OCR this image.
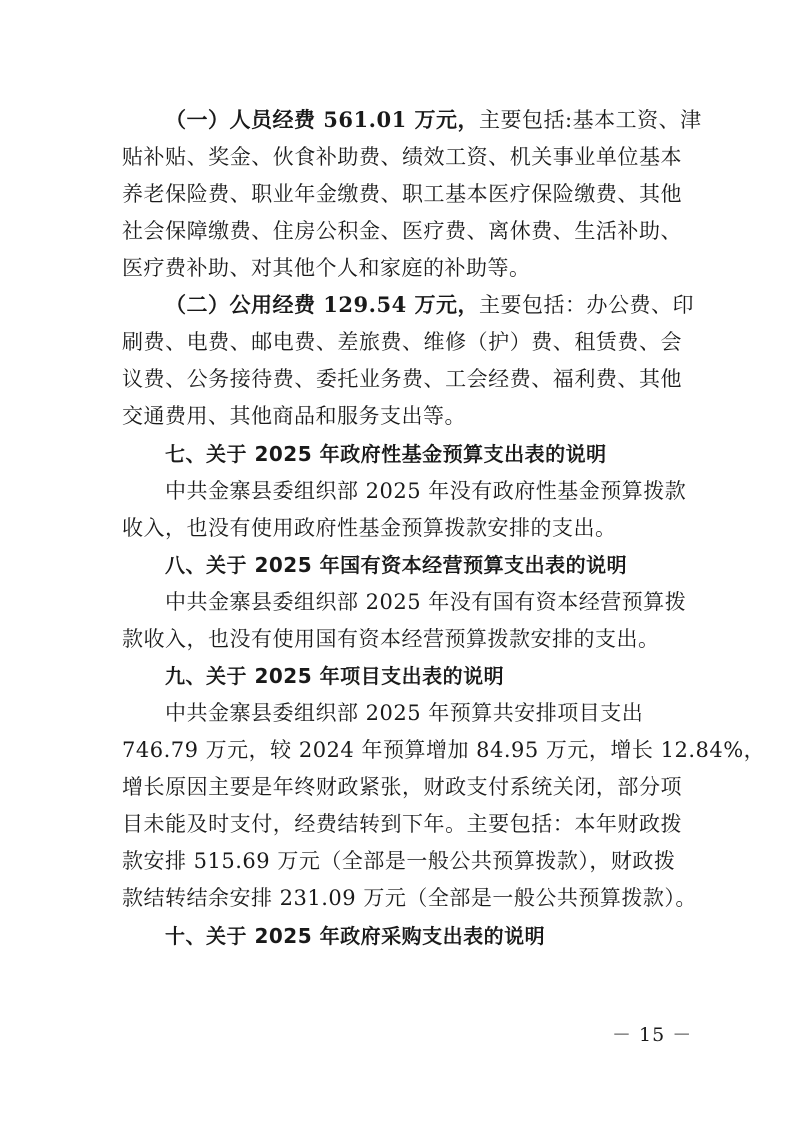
（一）人员经费 561.01 万元，主要包括:基本工资、津
贴补贴、奖金、伙食补助费、绩效工资、机关事业单位基本
养老保险费、职业年金缴费、职工基本医疗保险缴费、其他
社会保障缴费、住房公积金、医疗费、离休费、生活补助、
医疗费补助、对其他个人和家庭的补助等。
（二）公用经费 129.54 万元，主要包括：办公费、印
刷费、电费、邮电费、差旅费、维修（护）费、租赁费、会
议费、公务接待费、委托业务费、工会经费、福利费、其他
交通费用、其他商品和服务支出等。
七、关于 2025 年政府性基金预算支出表的说明
中共金寨县委组织部 2025 年没有政府性基金预算拨款
收入，也没有使用政府性基金预算拨款安排的支出。
八、关于 2025 年国有资本经营预算支出表的说明
中共金寨县委组织部 2025 年没有国有资本经营预算拨
款收入，也没有使用国有资本经营预算拨款安排的支出。
九、关于 2025 年项目支出表的说明
中共金寨县委组织部 2025 年预算共安排项目支出
746.79 万元，较 2024 年预算增加 84.95 万元，增长 12.84%，
增长原因主要是年终财政紧张，财政支付系统关闭，部分项
目未能及时支付，经费结转到下年。主要包括：本年财政拨
款安排 515.69 万元（全部是一般公共预算拨款），财政拨
款结转结余安排 231.09 万元（全部是一般公共预算拨款）。
十、关于 2025 年政府采购支出表的说明
－ 15 －
